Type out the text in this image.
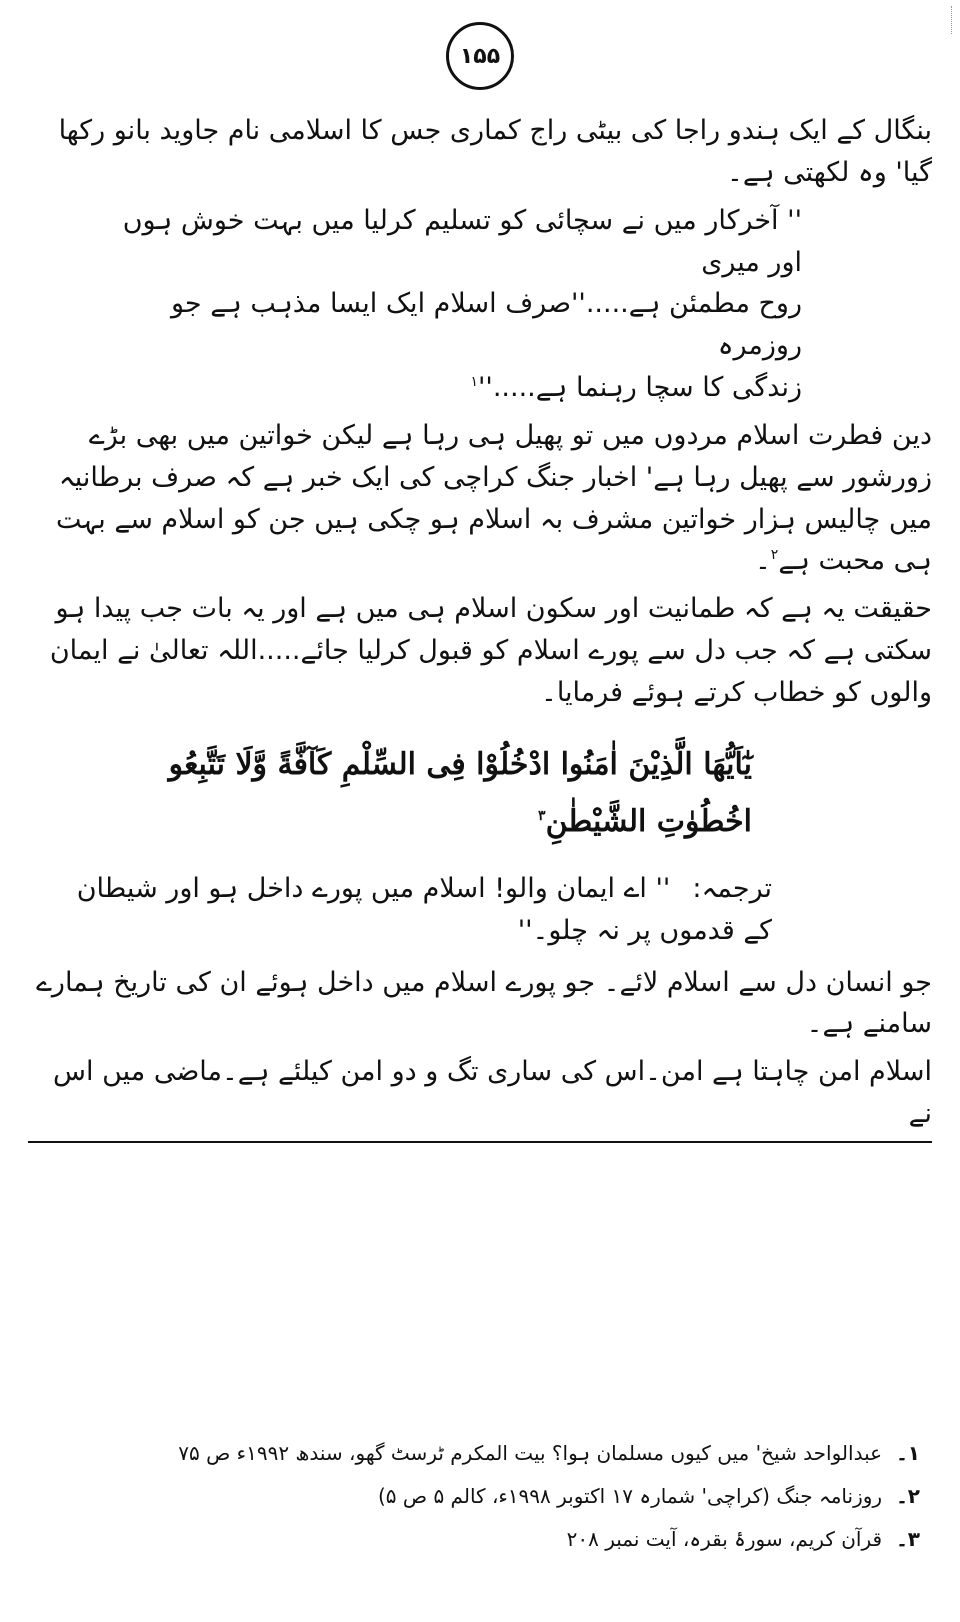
۱۵۵

بنگال کے ایک ہندو راجا کی بیٹی راج کماری جس کا اسلامی نام جاوید بانو رکھا گیا' وہ لکھتی ہے۔

'' آخرکار میں نے سچائی کو تسلیم کرلیا میں بہت خوش ہوں اور میری
روح مطمئن ہے.....''صرف اسلام ایک ایسا مذہب ہے جو روزمرہ
زندگی کا سچا رہنما $ہے.....''^۱$

دین فطرت اسلام مردوں میں تو پھیل ہی رہا ہے لیکن خواتین میں بھی بڑے زورشور سے پھیل رہا ہے' اخبار جنگ کراچی کی ایک خبر ہے کہ صرف برطانیہ میں چالیس ہزار خواتین مشرف بہ اسلام ہو چکی ہیں جن کو اسلام سے بہت ہی محبت ہے$^۲$۔

حقیقت یہ ہے کہ طمانیت اور سکون اسلام ہی میں ہے اور یہ بات جب پیدا ہو سکتی ہے کہ جب دل سے پورے اسلام کو قبول کرلیا جائے.....اللہ تعالیٰ نے ایمان والوں کو خطاب کرتے ہوئے فرمایا۔

یٰٓاَیُّھَا الَّذِیْنَ اٰمَنُوا ادْخُلُوْا فِی السِّلْمِ کَآفَّةً وَّلَا تَتَّبِعُو
اخُطُوٰتِ الشَّیْطٰنِ$^۳$
ترجمہ:'' اے ایمان والو! اسلام میں پورے داخل ہو اور شیطان
کے قدموں پر نہ چلو۔''

جو انسان دل سے اسلام لائے۔ جو پورے اسلام میں داخل ہوئے ان کی تاریخ ہمارے سامنے ہے۔

اسلام امن چاہتا ہے امن۔اس کی ساری تگ و دو امن کیلئے ہے۔ماضی میں اس نے

۱۔عبدالواحد شیخ' میں کیوں مسلمان ہوا؟ بیت المکرم ٹرسٹ گھو، سندھ ۱۹۹۲ء ص ۷۵
۲۔روزنامہ جنگ (کراچی' شمارہ ۱۷ اکتوبر ۱۹۹۸ء، کالم ۵ ص ۵)
۳۔قرآن کریم، سورۂ بقرہ، آیت نمبر ۲۰۸
